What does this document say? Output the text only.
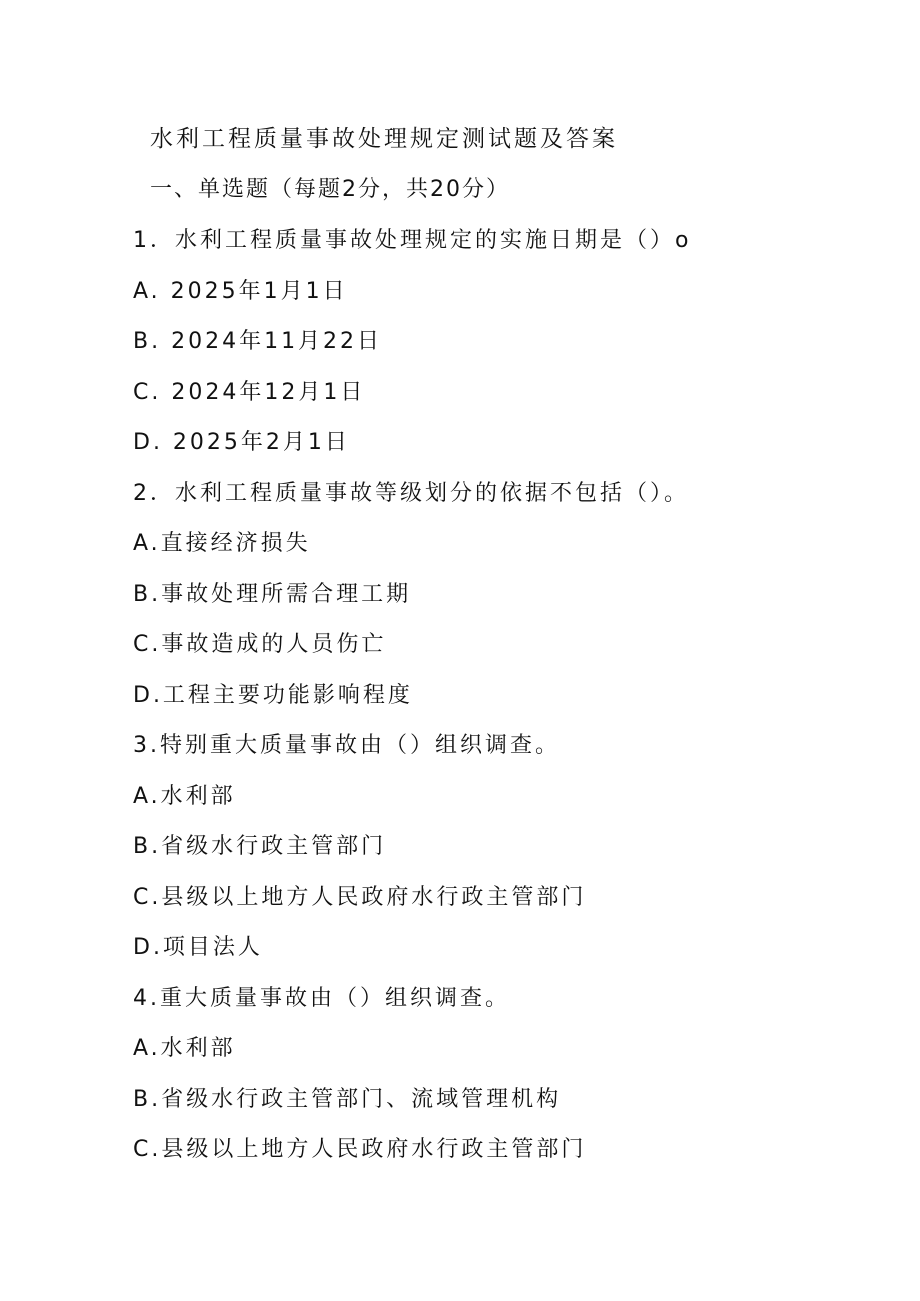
水利工程质量事故处理规定测试题及答案
一、单选题（每题2分，共20分）
1．水利工程质量事故处理规定的实施日期是（）o
A. 2025年1月1日
B. 2024年11月22日
C. 2024年12月1日
D. 2025年2月1日
2．水利工程质量事故等级划分的依据不包括（）。
A.直接经济损失
B.事故处理所需合理工期
C.事故造成的人员伤亡
D.工程主要功能影响程度
3.特别重大质量事故由（）组织调查。
A.水利部
B.省级水行政主管部门
C.县级以上地方人民政府水行政主管部门
D.项目法人
4.重大质量事故由（）组织调查。
A.水利部
B.省级水行政主管部门、流域管理机构
C.县级以上地方人民政府水行政主管部门
